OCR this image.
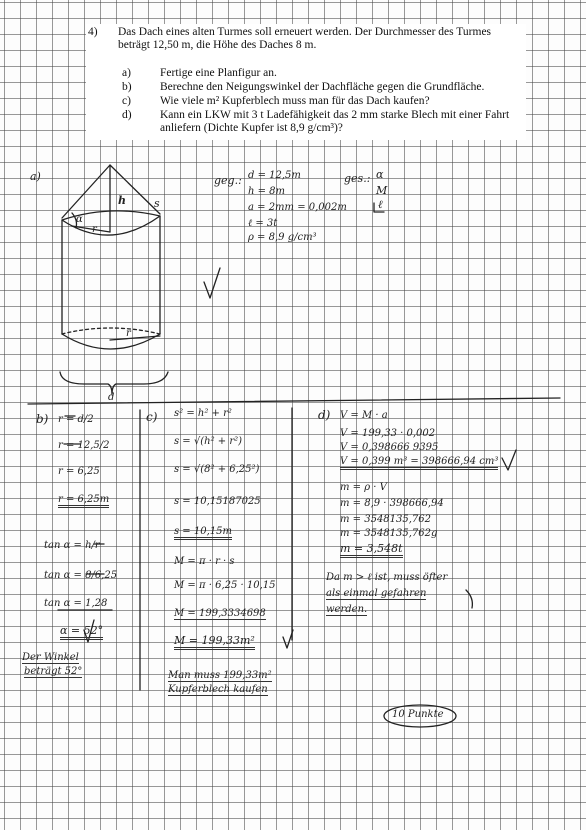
4) Das Dach eines alten Turmes soll erneuert werden. Der Durchmesser des Turmes beträgt 12,50 m, die Höhe des Daches 8 m.
a)	Fertige eine Planfigur an.
b) Berechne den Neigungswinkel der Dachfläche gegen die Grundfläche.
c)	Wie viele m² Kupferblech muss man für das Dach kaufen?
d) Kann ein LKW mit 3 t Ladefähigkeit das 2 mm starke Blech mit einer Fahrt anliefern (Dichte Kupfer ist 8,9 g/cm³)?
a)
h	s
r
α
r
d
geg.: d = 12,5m
h = 8m
a = 2mm = 0,002m
ℓ = 3t
ρ = 8,9 g/cm³
ges.: α
M
ℓ
b) r = d/2
r = 12,5/2
r = 6,25
r = 6,25m
tan α = h/r
tan α = 8/6,25
tan α = 1,28
α = 52°
Der Winkel
beträgt 52°
c) s² = h² + r²
s = √(h² + r²)
s = √(8² + 6,25²)
s = 10,15187025
s = 10,15m
M = π · r · s
M = π · 6,25 · 10,15
M = 199,3334698
M = 199,33m²
Man muss 199,33m²
Kupferblech kaufen
d) V = M · a
V = 199,33 · 0,002
V = 0,398666 9395
V = 0,399 m³ = 398666,94 cm³
m = ρ · V
m = 8,9 · 398666,94
m = 3548135,762
m = 3548135,762g
m = 3,548t
Da m > ℓ ist, muss öfter
als einmal gefahren
werden.
10 Punkte
